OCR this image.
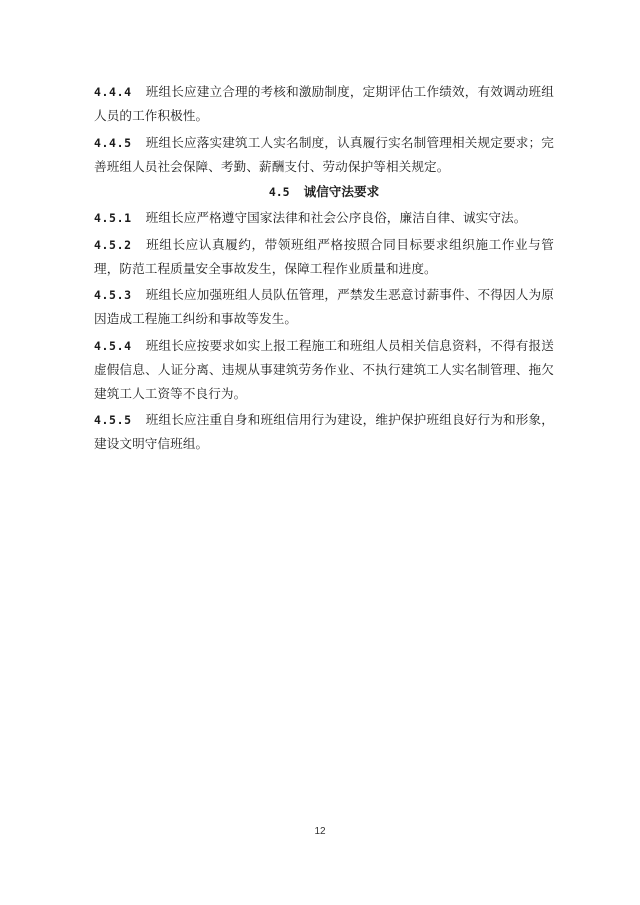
4.4.4 班组长应建立合理的考核和激励制度，定期评估工作绩效，有效调动班组人员的工作积极性。

4.4.5 班组长应落实建筑工人实名制度，认真履行实名制管理相关规定要求；完善班组人员社会保障、考勤、薪酬支付、劳动保护等相关规定。

4.5 诚信守法要求

4.5.1 班组长应严格遵守国家法律和社会公序良俗，廉洁自律、诚实守法。

4.5.2 班组长应认真履约，带领班组严格按照合同目标要求组织施工作业与管理，防范工程质量安全事故发生，保障工程作业质量和进度。

4.5.3 班组长应加强班组人员队伍管理，严禁发生恶意讨薪事件、不得因人为原因造成工程施工纠纷和事故等发生。

4.5.4 班组长应按要求如实上报工程施工和班组人员相关信息资料，不得有报送虚假信息、人证分离、违规从事建筑劳务作业、不执行建筑工人实名制管理、拖欠建筑工人工资等不良行为。

4.5.5 班组长应注重自身和班组信用行为建设，维护保护班组良好行为和形象，建设文明守信班组。

12
